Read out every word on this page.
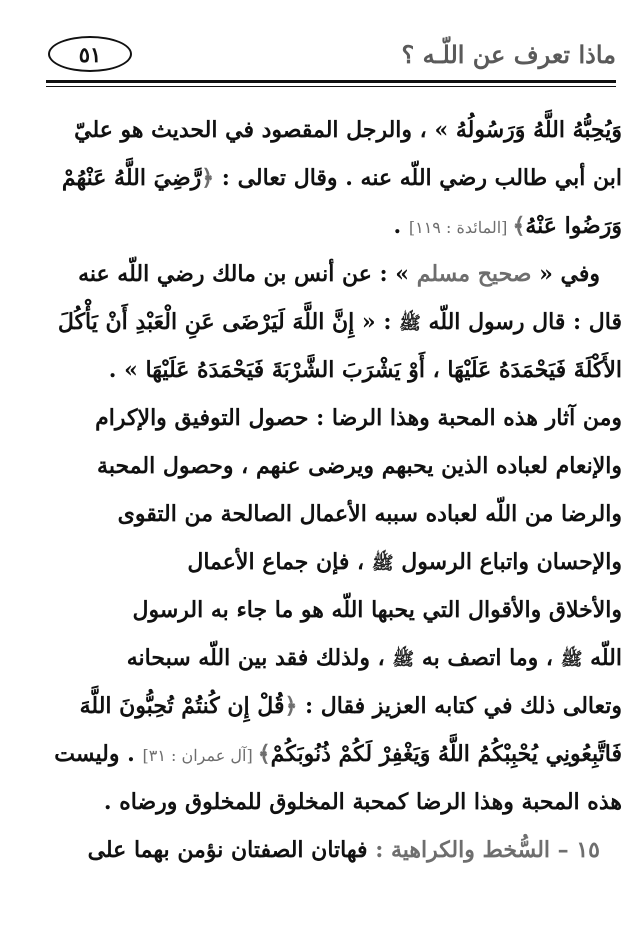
ماذا تعرف عن اللّـه ؟
٥١
وَيُحِبُّهُ اللَّهُ وَرَسُولُهُ » ، والرجل المقصود في الحديث هو عليّ
ابن أبي طالب رضي اللّه عنه . وقال تعالى : ﴿رَّضِيَ اللَّهُ عَنْهُمْ
وَرَضُوا عَنْهُ﴾ [المائدة : ١١٩] .
وفي « صحيح مسلم » : عن أنس بن مالك رضي اللّه عنه
قال : قال رسول اللّه ﷺ : « إِنَّ اللَّهَ لَيَرْضَى عَنِ الْعَبْدِ أَنْ يَأْكُلَ
الأَكْلَةَ فَيَحْمَدَهُ عَلَيْهَا ، أَوْ يَشْرَبَ الشَّرْبَةَ فَيَحْمَدَهُ عَلَيْهَا » .
ومن آثار هذه المحبة وهذا الرضا : حصول التوفيق والإكرام
والإنعام لعباده الذين يحبهم ويرضى عنهم ، وحصول المحبة
والرضا من اللّه لعباده سببه الأعمال الصالحة من التقوى
والإحسان واتباع الرسول ﷺ ، فإن جماع الأعمال
والأخلاق والأقوال التي يحبها اللّه هو ما جاء به الرسول
اللّه ﷺ ، وما اتصف به ﷺ ، ولذلك فقد بين اللّه سبحانه
وتعالى ذلك في كتابه العزيز فقال : ﴿قُلْ إِن كُنتُمْ تُحِبُّونَ اللَّهَ
فَاتَّبِعُونِي يُحْبِبْكُمُ اللَّهُ وَيَغْفِرْ لَكُمْ ذُنُوبَكُمْ﴾ [آل عمران : ٣١] . وليست
هذه المحبة وهذا الرضا كمحبة المخلوق للمخلوق ورضاه .
١٥ – السُّخط والكراهية : فهاتان الصفتان نؤمن بهما على
